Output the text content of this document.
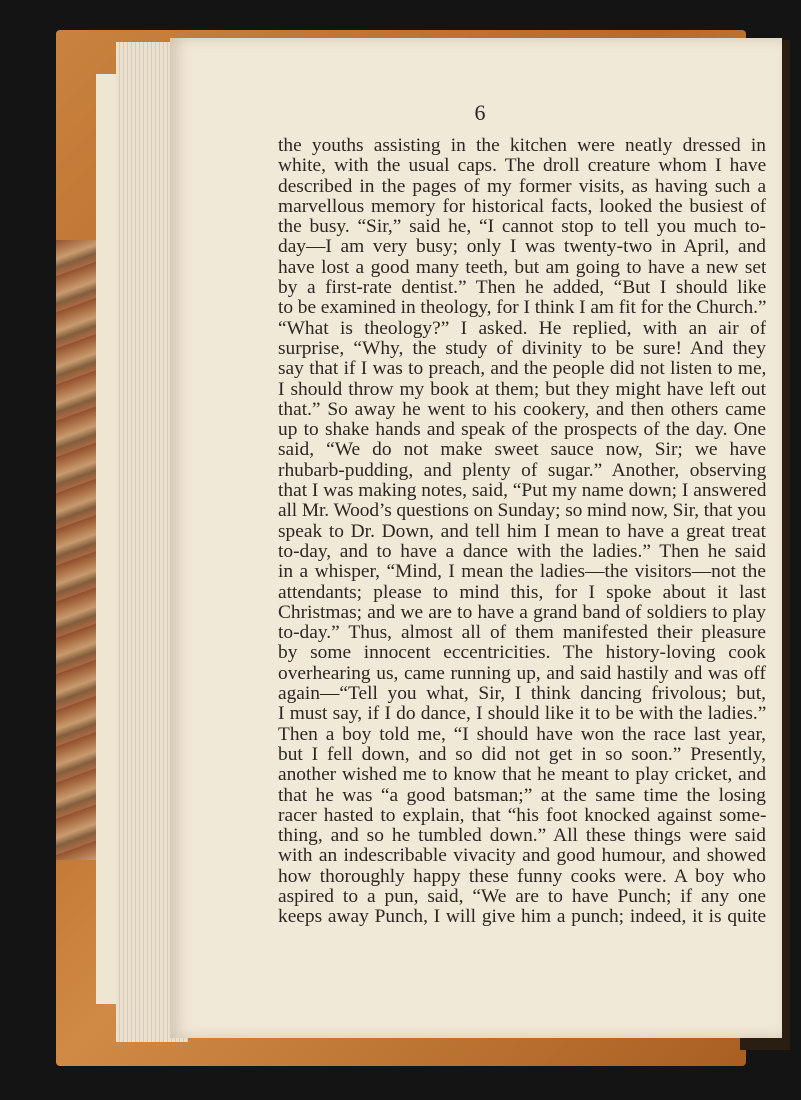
6
the youths assisting in the kitchen were neatly dressed in
white, with the usual caps. The droll creature whom I have
described in the pages of my former visits, as having such a
marvellous memory for historical facts, looked the busiest of
the busy. “Sir,” said he, “I cannot stop to tell you much to-
day—I am very busy; only I was twenty-two in April, and
have lost a good many teeth, but am going to have a new set
by a first-rate dentist.” Then he added, “But I should like
to be examined in theology, for I think I am fit for the Church.”
“What is theology?” I asked. He replied, with an air of
surprise, “Why, the study of divinity to be sure! And they
say that if I was to preach, and the people did not listen to me,
I should throw my book at them; but they might have left out
that.” So away he went to his cookery, and then others came
up to shake hands and speak of the prospects of the day. One
said, “We do not make sweet sauce now, Sir; we have
rhubarb-pudding, and plenty of sugar.” Another, observing
that I was making notes, said, “Put my name down; I answered
all Mr. Wood’s questions on Sunday; so mind now, Sir, that you
speak to Dr. Down, and tell him I mean to have a great treat
to-day, and to have a dance with the ladies.” Then he said
in a whisper, “Mind, I mean the ladies—the visitors—not the
attendants; please to mind this, for I spoke about it last
Christmas; and we are to have a grand band of soldiers to play
to-day.” Thus, almost all of them manifested their pleasure
by some innocent eccentricities. The history-loving cook
overhearing us, came running up, and said hastily and was off
again—“Tell you what, Sir, I think dancing frivolous; but,
I must say, if I do dance, I should like it to be with the ladies.”
Then a boy told me, “I should have won the race last year,
but I fell down, and so did not get in so soon.” Presently,
another wished me to know that he meant to play cricket, and
that he was “a good batsman;” at the same time the losing
racer hasted to explain, that “his foot knocked against some-
thing, and so he tumbled down.” All these things were said
with an indescribable vivacity and good humour, and showed
how thoroughly happy these funny cooks were. A boy who
aspired to a pun, said, “We are to have Punch; if any one
keeps away Punch, I will give him a punch; indeed, it is quite
